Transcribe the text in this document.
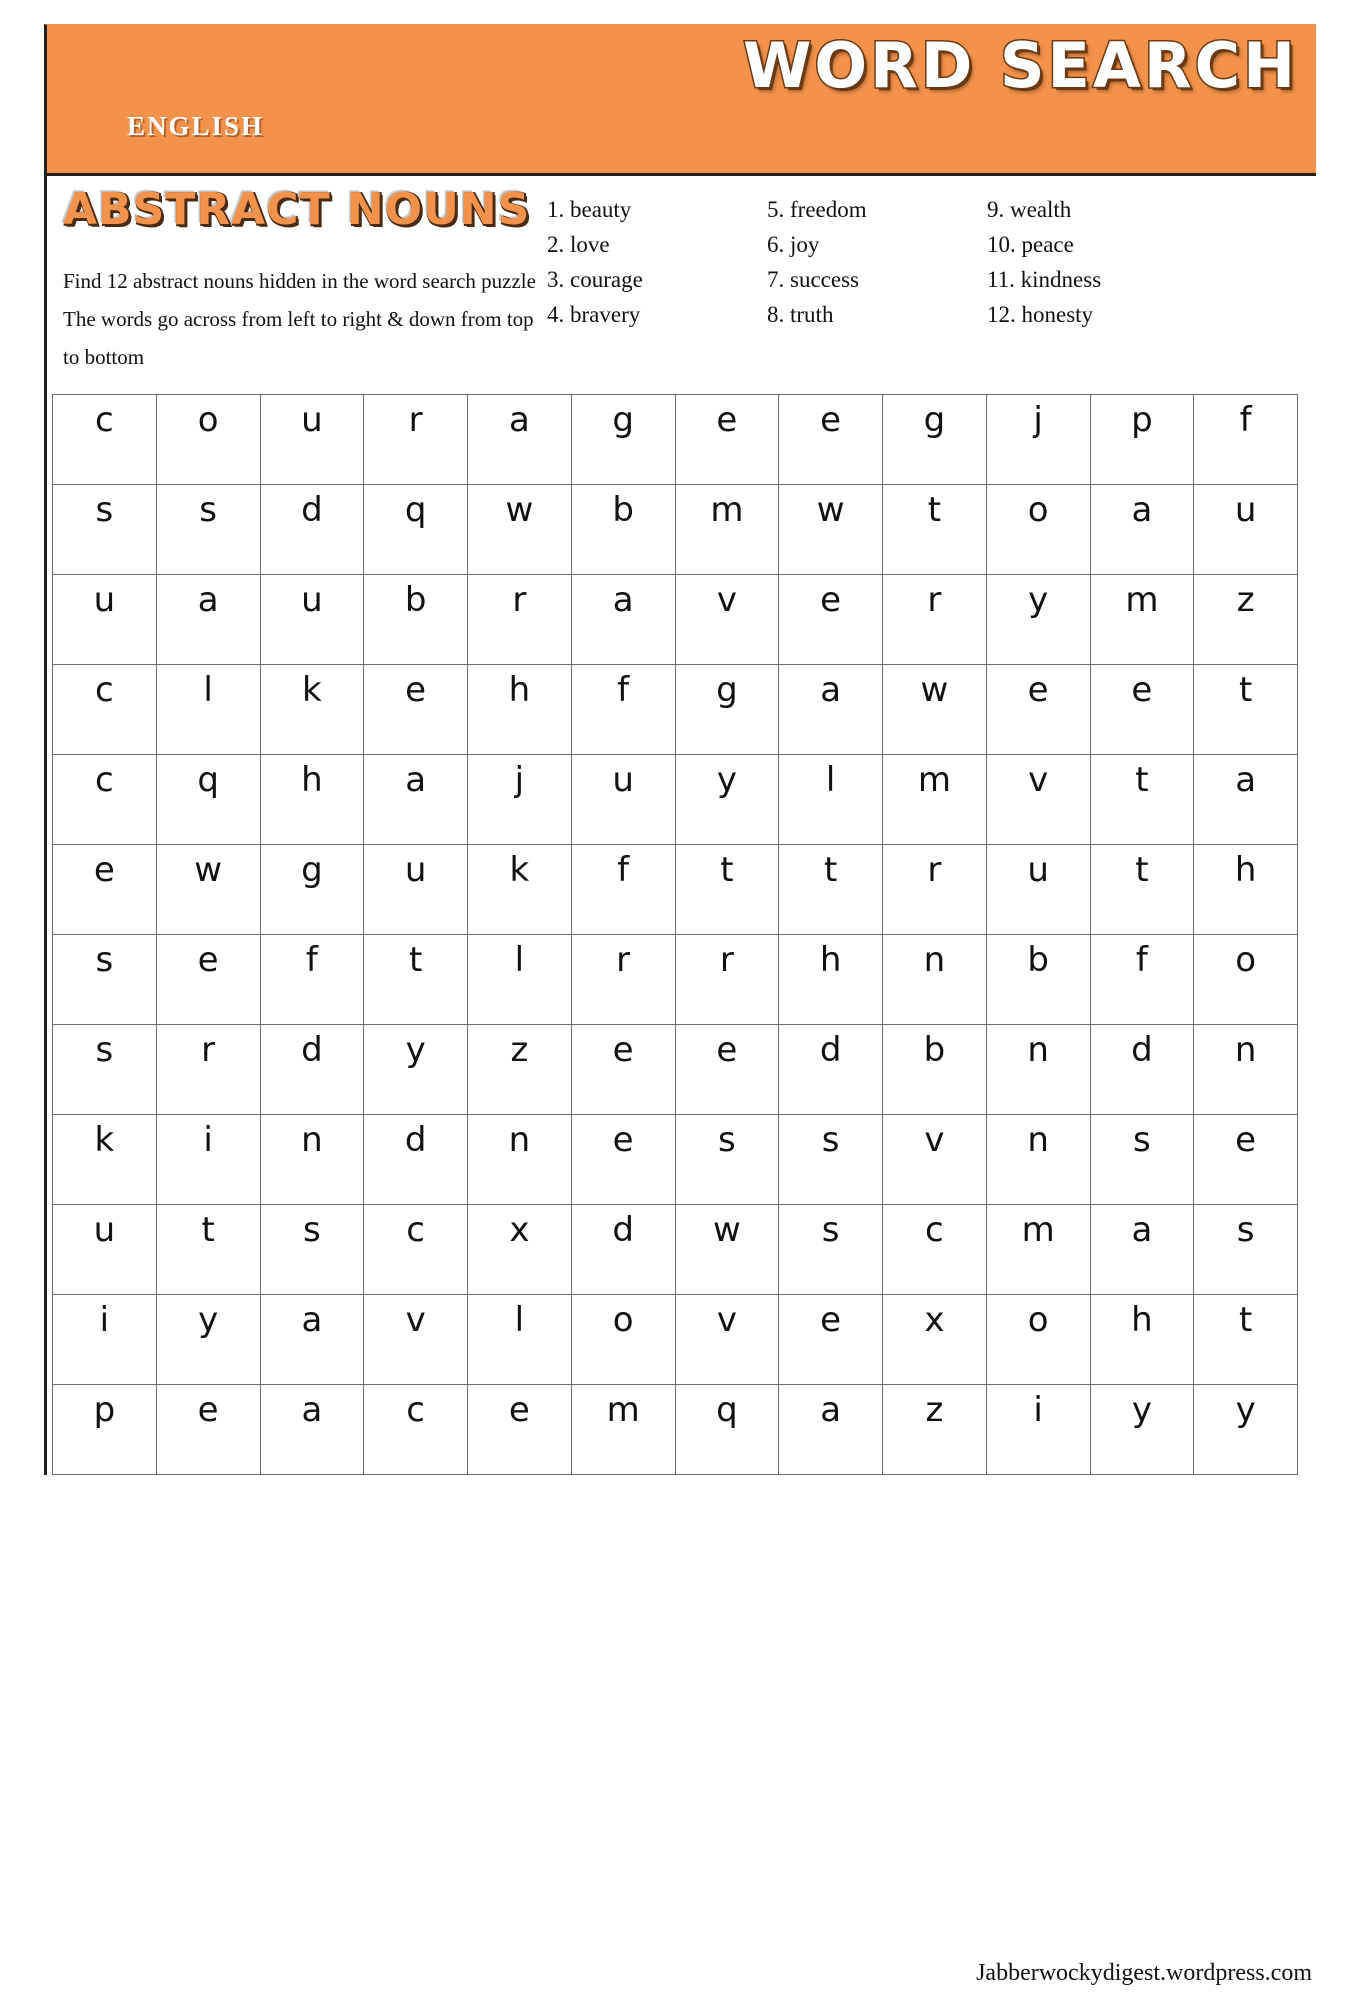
WORD SEARCH
ENGLISH
ABSTRACT NOUNS
Find 12 abstract nouns hidden in the word search puzzle
The words go across from left to right & down from top
to bottom
1. beauty
2. love
3. courage
4. bravery
5. freedom
6. joy
7. success
8. truth
9. wealth
10. peace
11. kindness
12. honesty
c	o	u	r	a	g	e	e	g	j	p	f
s	s	d	q	w	b	m	w	t	o	a	u
u	a	u	b	r	a	v	e	r	y	m	z
c	l	k	e	h	f	g	a	w	e	e	t
c	q	h	a	j	u	y	l	m	v	t	a
e	w	g	u	k	f	t	t	r	u	t	h
s	e	f	t	l	r	r	h	n	b	f	o
s	r	d	y	z	e	e	d	b	n	d	n
k	i	n	d	n	e	s	s	v	n	s	e
u	t	s	c	x	d	w	s	c	m	a	s
i	y	a	v	l	o	v	e	x	o	h	t
p	e	a	c	e	m	q	a	z	i	y	y
Jabberwockydigest.wordpress.com
